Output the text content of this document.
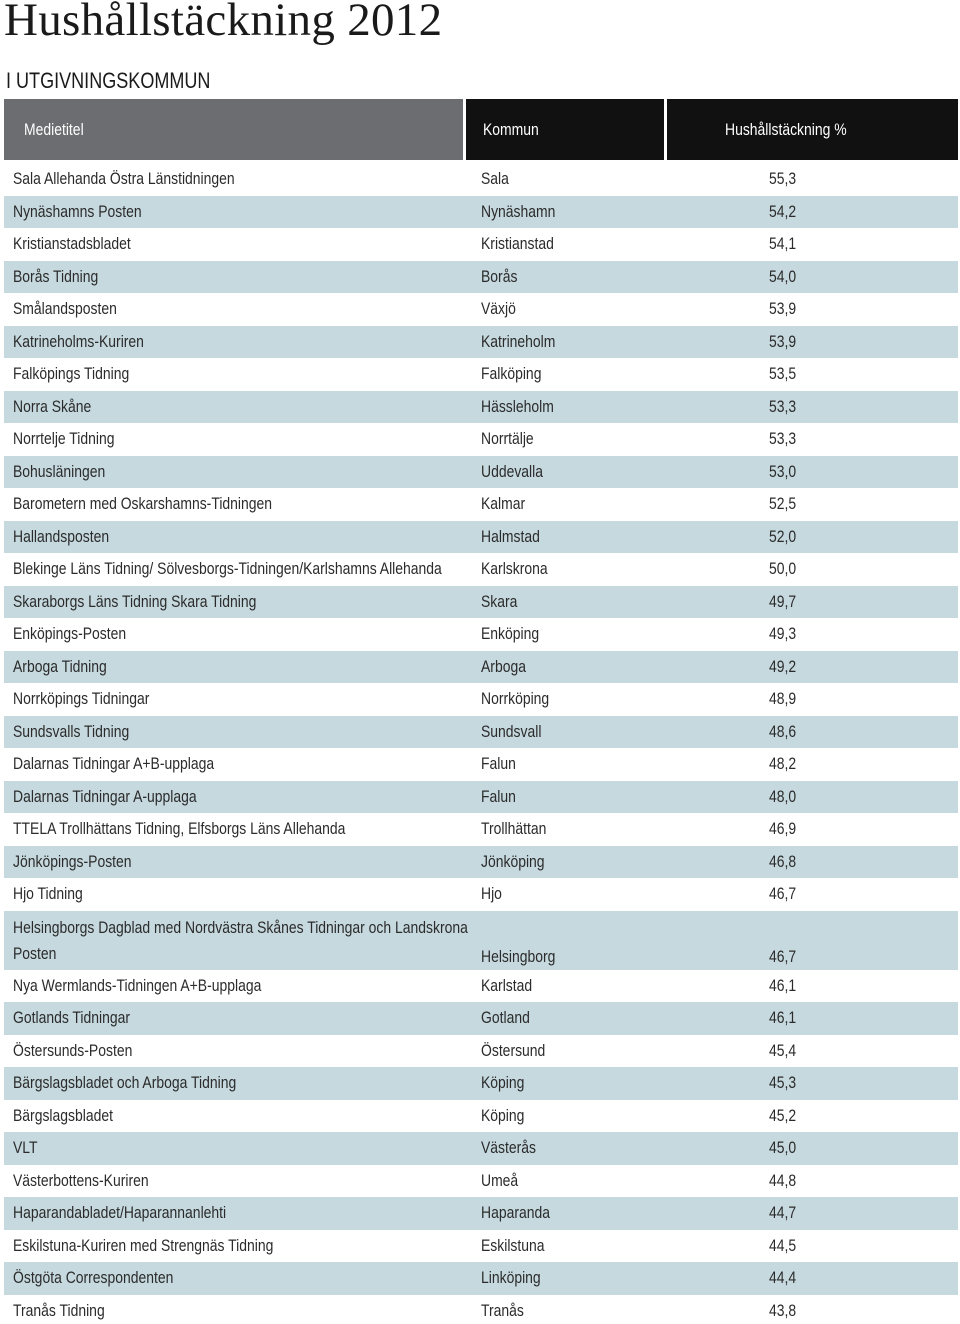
Hushållstäckning 2012
I UTGIVNINGSKOMMUN
Medietitel	Kommun	Hushållstäckning %
Sala Allehanda Östra Länstidningen	Sala	55,3
Nynäshamns Posten	Nynäshamn	54,2
Kristianstadsbladet	Kristianstad	54,1
Borås Tidning	Borås	54,0
Smålandsposten	Växjö	53,9
Katrineholms-Kuriren	Katrineholm	53,9
Falköpings Tidning	Falköping	53,5
Norra Skåne	Hässleholm	53,3
Norrtelje Tidning	Norrtälje	53,3
Bohusläningen	Uddevalla	53,0
Barometern med Oskarshamns-Tidningen	Kalmar	52,5
Hallandsposten	Halmstad	52,0
Blekinge Läns Tidning/ Sölvesborgs-Tidningen/Karlshamns Allehanda	Karlskrona	50,0
Skaraborgs Läns Tidning Skara Tidning	Skara	49,7
Enköpings-Posten	Enköping	49,3
Arboga Tidning	Arboga	49,2
Norrköpings Tidningar	Norrköping	48,9
Sundsvalls Tidning	Sundsvall	48,6
Dalarnas Tidningar A+B-upplaga	Falun	48,2
Dalarnas Tidningar A-upplaga	Falun	48,0
TTELA Trollhättans Tidning, Elfsborgs Läns Allehanda	Trollhättan	46,9
Jönköpings-Posten	Jönköping	46,8
Hjo Tidning	Hjo	46,7
Helsingborgs Dagblad med Nordvästra Skånes Tidningar och Landskrona Posten	Helsingborg	46,7
Nya Wermlands-Tidningen A+B-upplaga	Karlstad	46,1
Gotlands Tidningar	Gotland	46,1
Östersunds-Posten	Östersund	45,4
Bärgslagsbladet och Arboga Tidning	Köping	45,3
Bärgslagsbladet	Köping	45,2
VLT	Västerås	45,0
Västerbottens-Kuriren	Umeå	44,8
Haparandabladet/Haparannanlehti	Haparanda	44,7
Eskilstuna-Kuriren med Strengnäs Tidning	Eskilstuna	44,5
Östgöta Correspondenten	Linköping	44,4
Tranås Tidning	Tranås	43,8
